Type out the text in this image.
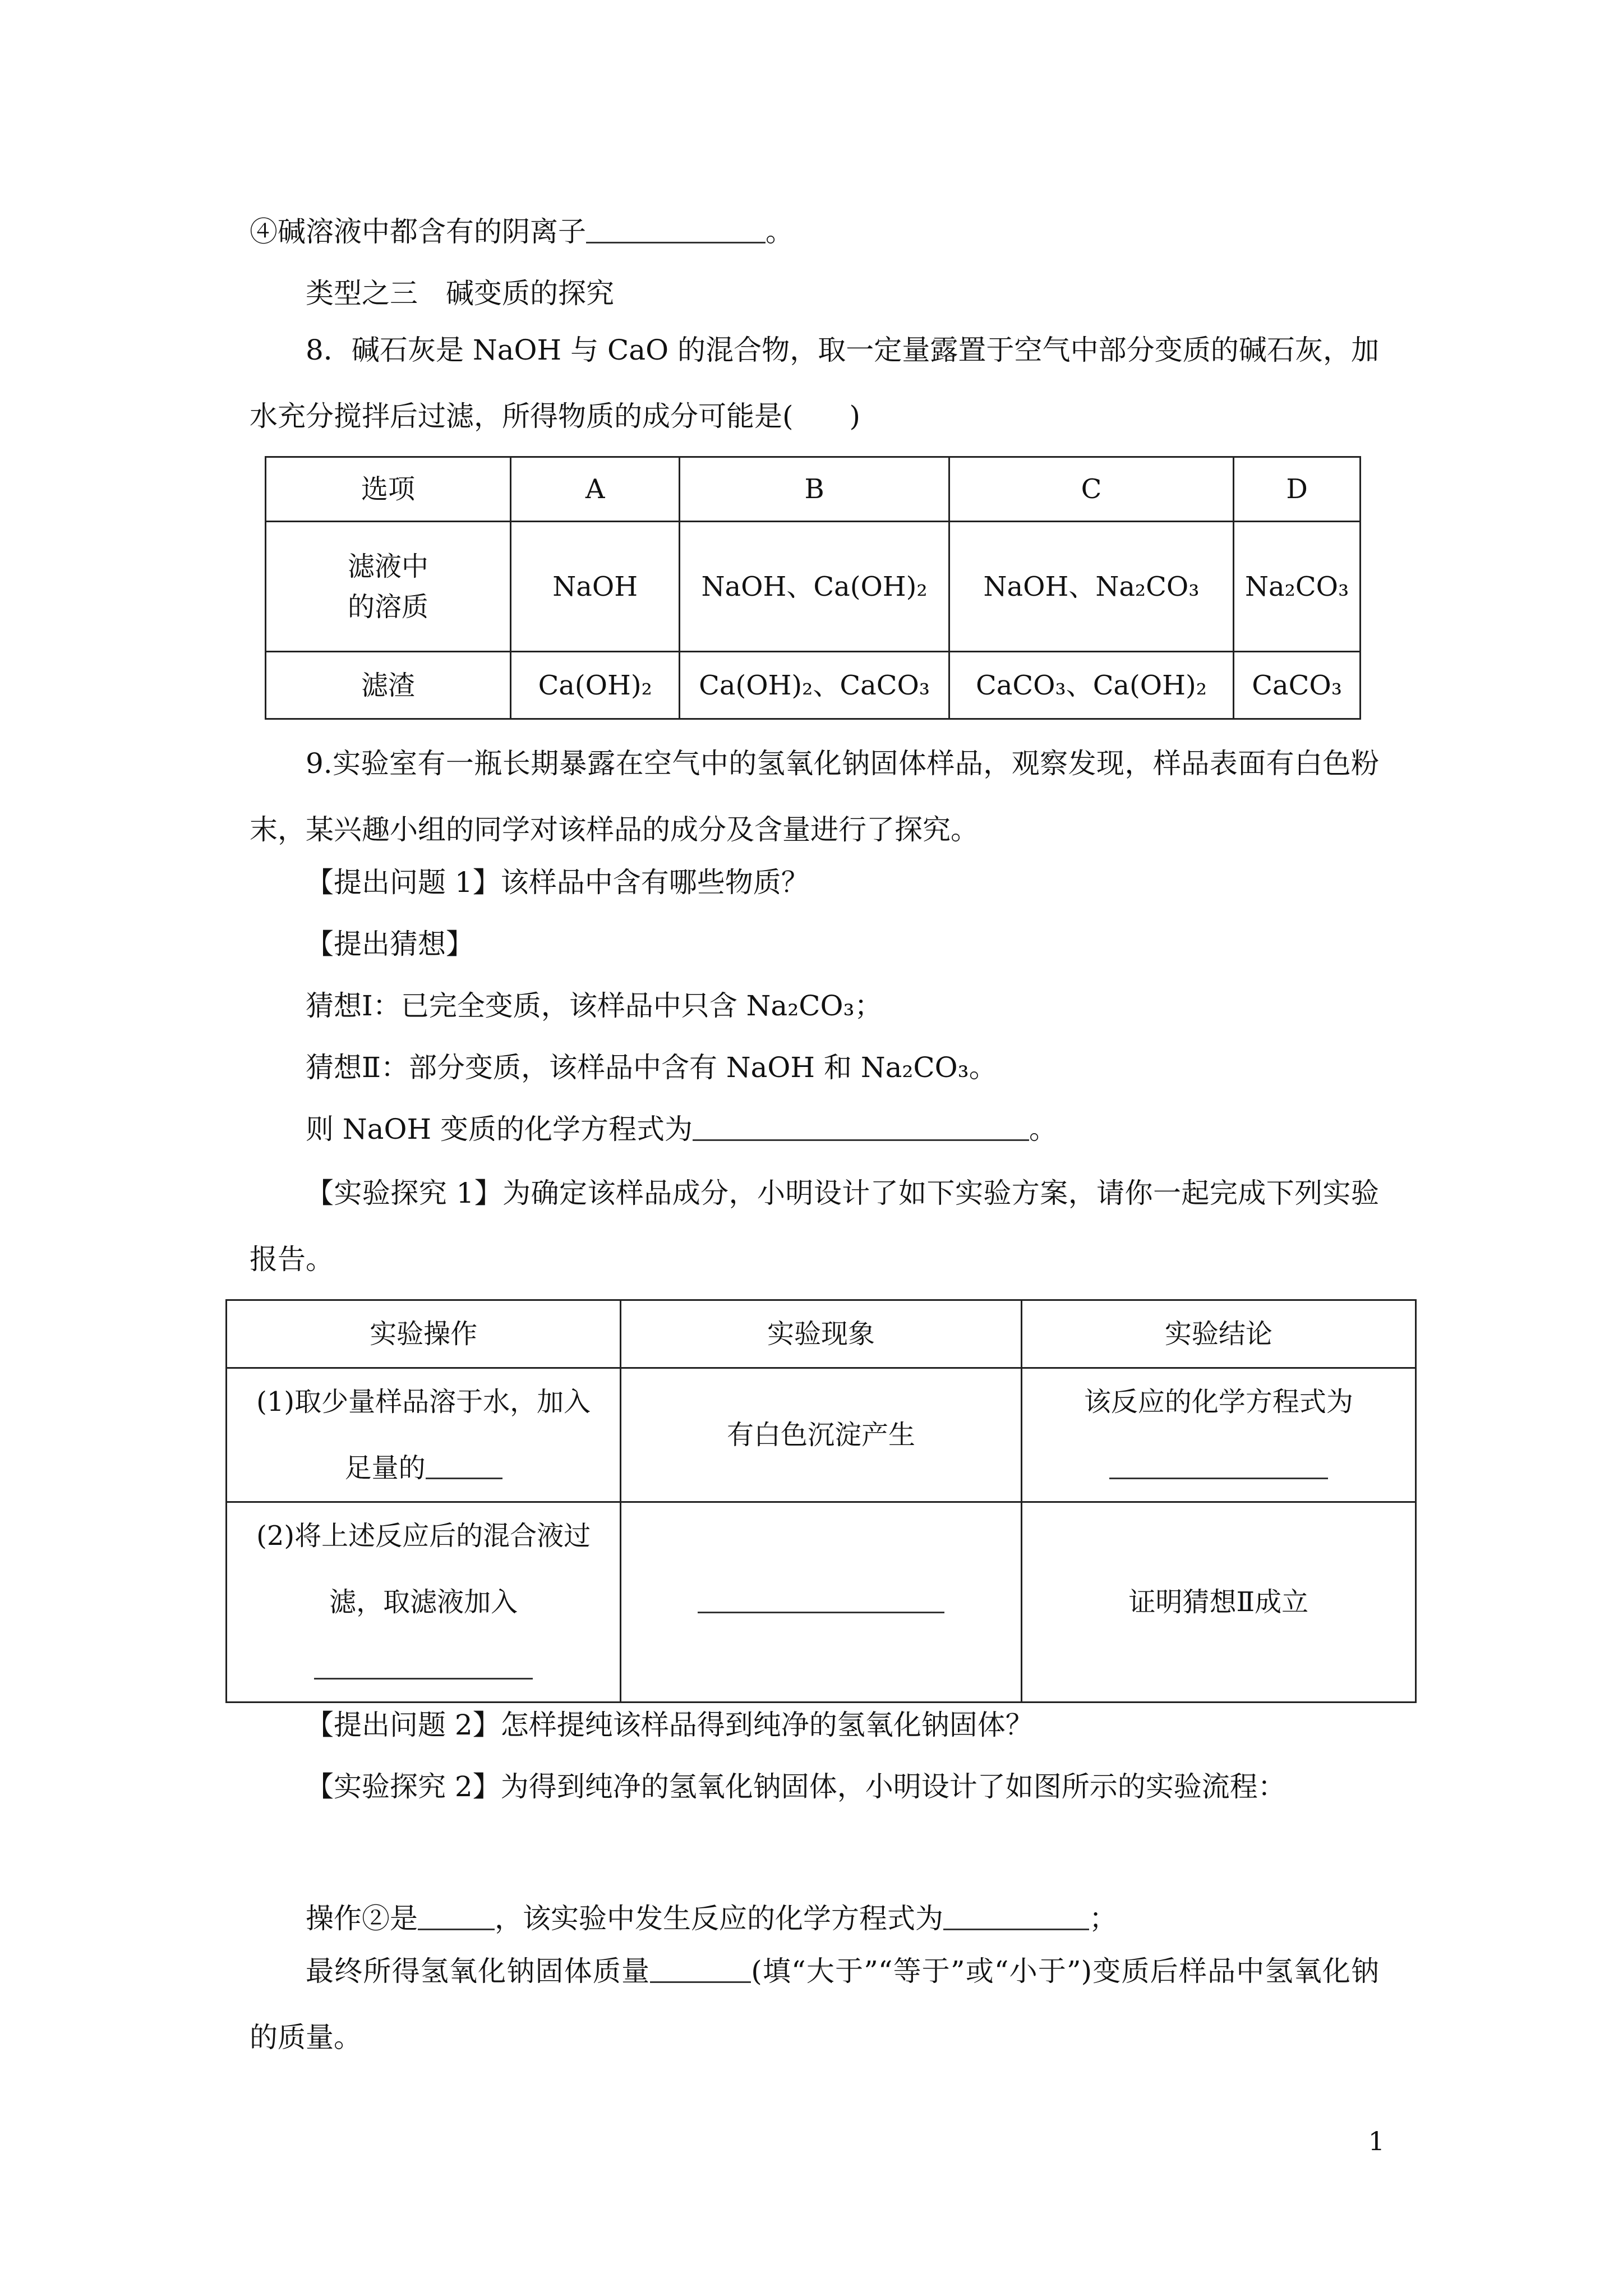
④碱溶液中都含有的阴离子	。
类型之三　碱变质的探究
8．碱石灰是 NaOH 与 CaO 的混合物，取一定量露置于空气中部分变质的碱石灰，加水充分搅拌后过滤，所得物质的成分可能是(　　)
选项	A	B	C	D

滤液中
的溶质	NaOH	NaOH、Ca(OH)₂	NaOH、Na₂CO₃	Na₂CO₃
滤渣	Ca(OH)₂	Ca(OH)₂、CaCO₃	CaCO₃、Ca(OH)₂	CaCO₃
9.实验室有一瓶长期暴露在空气中的氢氧化钠固体样品，观察发现，样品表面有白色粉末，某兴趣小组的同学对该样品的成分及含量进行了探究。
【提出问题 1】该样品中含有哪些物质？
【提出猜想】
猜想Ⅰ：已完全变质，该样品中只含 Na₂CO₃；
猜想Ⅱ：部分变质，该样品中含有 NaOH 和 Na₂CO₃。
则 NaOH 变质的化学方程式为	。
【实验探究 1】为确定该样品成分，小明设计了如下实验方案，请你一起完成下列实验报告。
实验操作	实验现象	实验结论

(1)取少量样品溶于水，加入
足量的	有白色沉淀产生	该反应的化学方程式为

(2)将上述反应后的混合液过
滤，取滤液加入		证明猜想Ⅱ成立
【提出问题 2】怎样提纯该样品得到纯净的氢氧化钠固体？
【实验探究 2】为得到纯净的氢氧化钠固体，小明设计了如图所示的实验流程：
操作②是	，该实验中发生反应的化学方程式为	；
最终所得氢氧化钠固体质量	(填“大于”“等于”或“小于”)变质后样品中氢氧化钠的质量。
1
